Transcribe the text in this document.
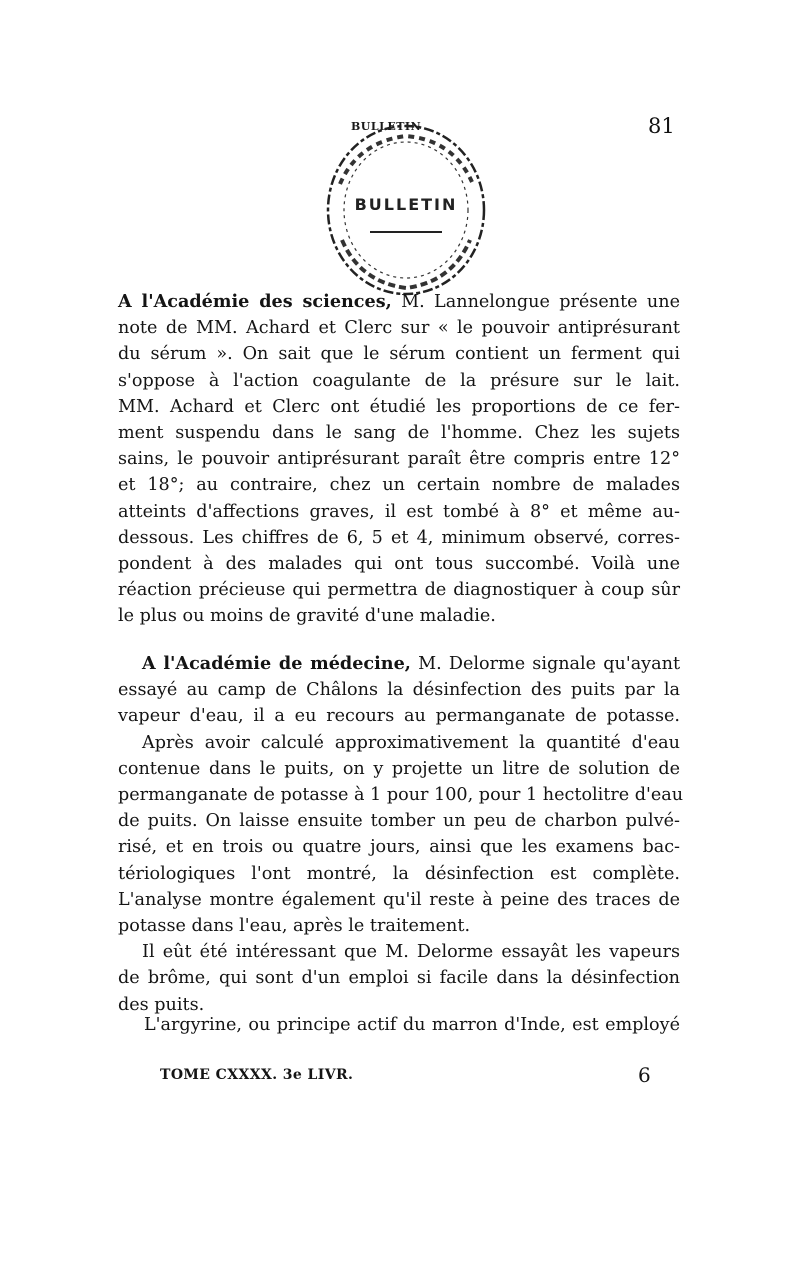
BULLETIN	81
BULLETIN

A l'Académie des sciences, M. Lannelongue présente une
note de MM. Achard et Clerc sur « le pouvoir antiprésurant
du sérum ». On sait que le sérum contient un ferment qui
s'oppose à l'action coagulante de la présure sur le lait.
MM. Achard et Clerc ont étudié les proportions de ce fer-
ment suspendu dans le sang de l'homme. Chez les sujets
sains, le pouvoir antiprésurant paraît être compris entre 12°
et 18°; au contraire, chez un certain nombre de malades
atteints d'affections graves, il est tombé à 8° et même au-
dessous. Les chiffres de 6, 5 et 4, minimum observé, corres-
pondent à des malades qui ont tous succombé. Voilà une
réaction précieuse qui permettra de diagnostiquer à coup sûr
le plus ou moins de gravité d'une maladie.

A l'Académie de médecine, M. Delorme signale qu'ayant
essayé au camp de Châlons la désinfection des puits par la
vapeur d'eau, il a eu recours au permanganate de potasse.
Après avoir calculé approximativement la quantité d'eau
contenue dans le puits, on y projette un litre de solution de
permanganate de potasse à 1 pour 100, pour 1 hectolitre d'eau
de puits. On laisse ensuite tomber un peu de charbon pulvé-
risé, et en trois ou quatre jours, ainsi que les examens bac-
tériologiques l'ont montré, la désinfection est complète.
L'analyse montre également qu'il reste à peine des traces de
potasse dans l'eau, après le traitement.
Il eût été intéressant que M. Delorme essayât les vapeurs
de brôme, qui sont d'un emploi si facile dans la désinfection
des puits.

L'argyrine, ou principe actif du marron d'Inde, est employé

TOME CXXXX. 3e LIVR.	6
